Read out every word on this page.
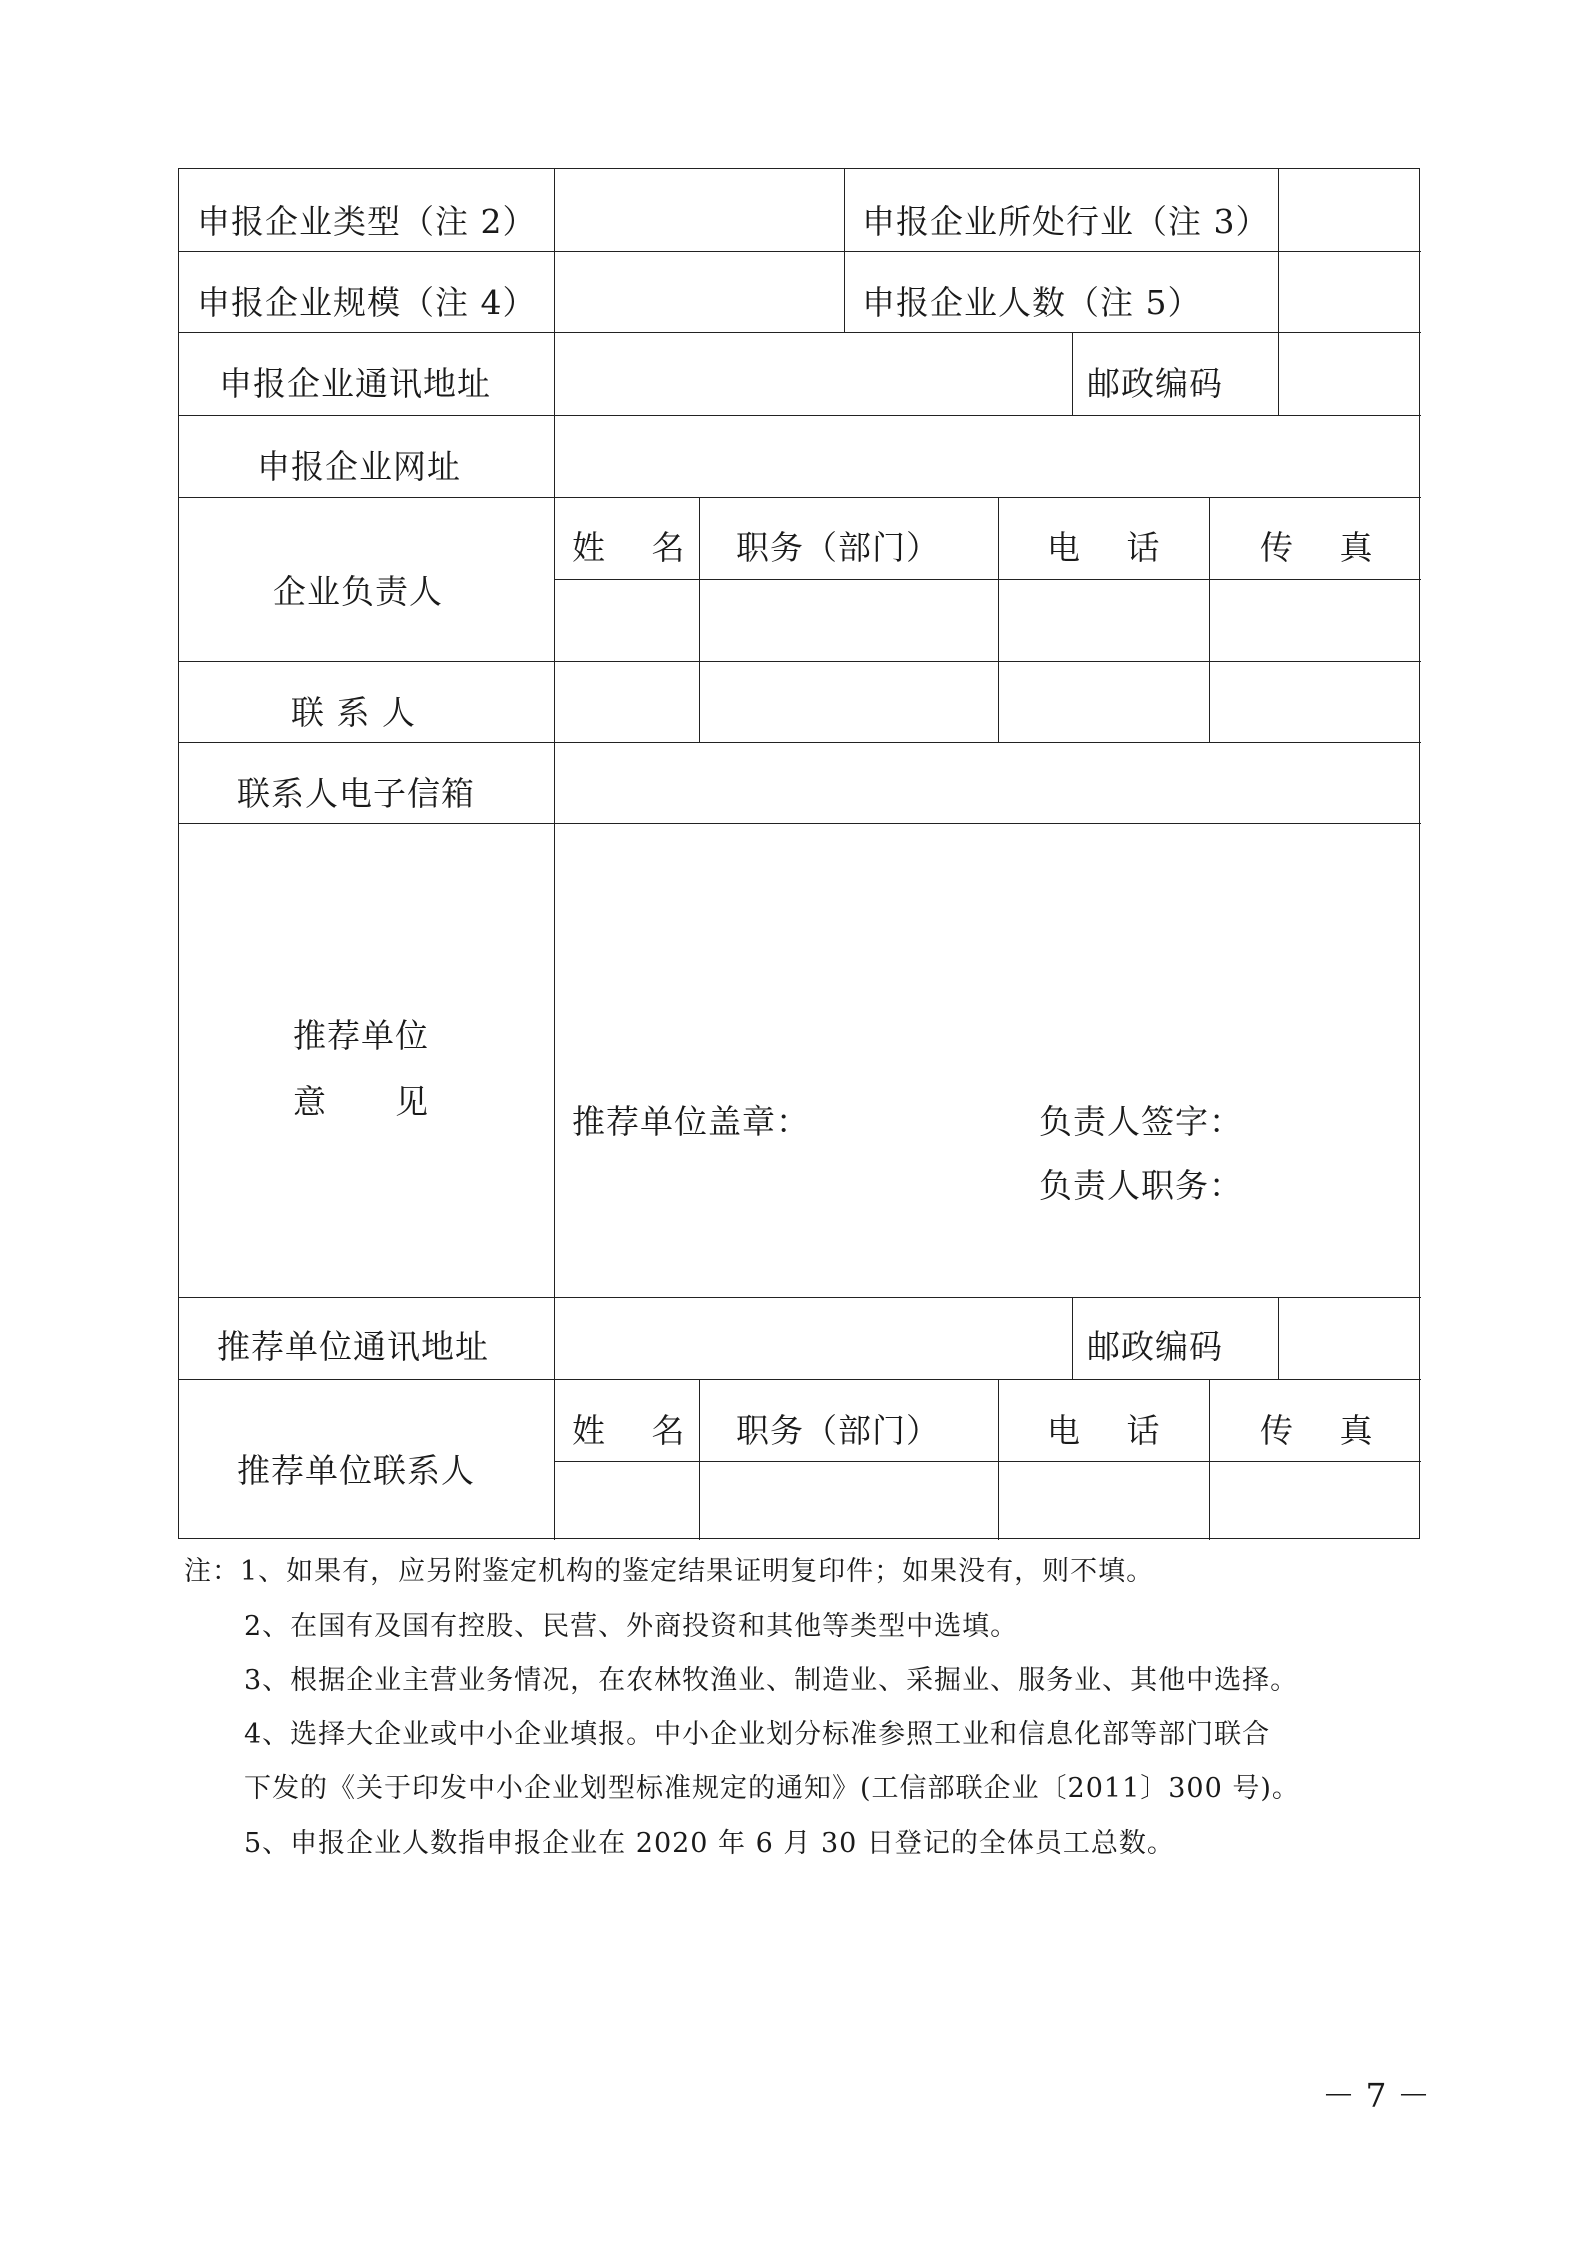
申报企业类型（注 2）	申报企业所处行业（注 3）
申报企业规模（注 4）	申报企业人数（注 5）
申报企业通讯地址	邮政编码
申报企业网址
企业负责人
姓　 名 职务（部门）	电　 话	传　 真
联 系 人
联系人电子信箱
推荐单位
意　　见
推荐单位盖章：	负责人签字：
负责人职务：
推荐单位通讯地址	邮政编码
推荐单位联系人
姓　 名 职务（部门）	电　 话	传　 真
注：1、如果有，应另附鉴定机构的鉴定结果证明复印件；如果没有，则不填。
2、在国有及国有控股、民营、外商投资和其他等类型中选填。
3、根据企业主营业务情况，在农林牧渔业、制造业、采掘业、服务业、其他中选择。
4、选择大企业或中小企业填报。中小企业划分标准参照工业和信息化部等部门联合
下发的《关于印发中小企业划型标准规定的通知》(工信部联企业〔2011〕300 号)。
5、申报企业人数指申报企业在 2020 年 6 月 30 日登记的全体员工总数。
－ 7 －
